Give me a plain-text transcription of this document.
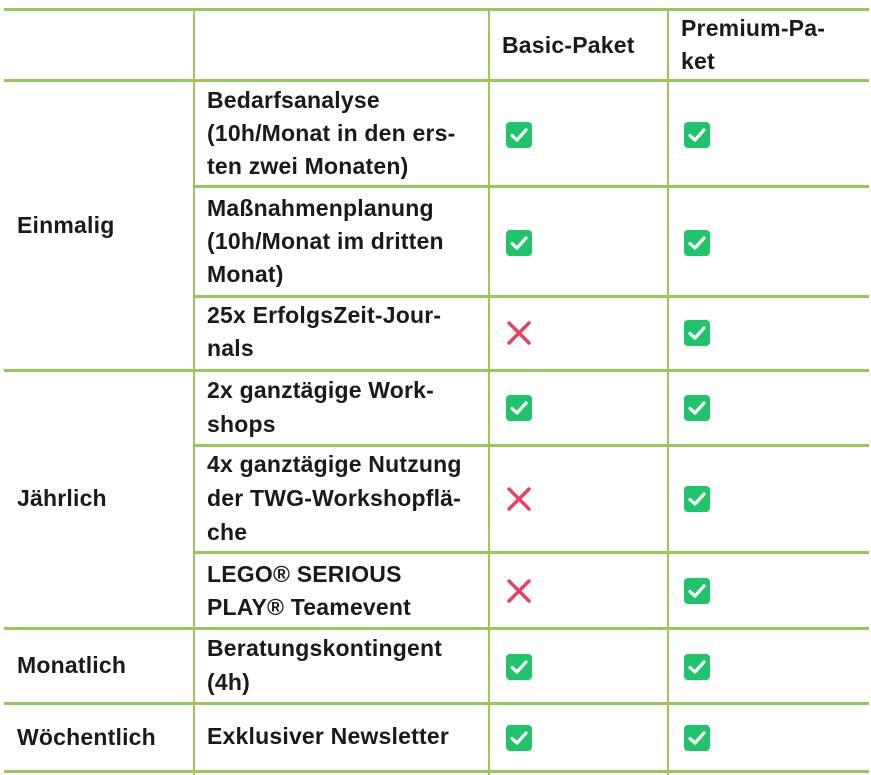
Basic-Paket
Premium-Pa-
ket
Einmalig
Jährlich
Monatlich
Wöchentlich
Bedarfsanalyse
(10h/Monat in den ers-
ten zwei Monaten)
Maßnahmenplanung
(10h/Monat im dritten
Monat)
25x ErfolgsZeit-Jour-
nals
2x ganztägige Work-
shops
4x ganztägige Nutzung
der TWG-Workshopflä-
che
LEGO® SERIOUS
PLAY® Teamevent
Beratungskontingent
(4h)
Exklusiver Newsletter
